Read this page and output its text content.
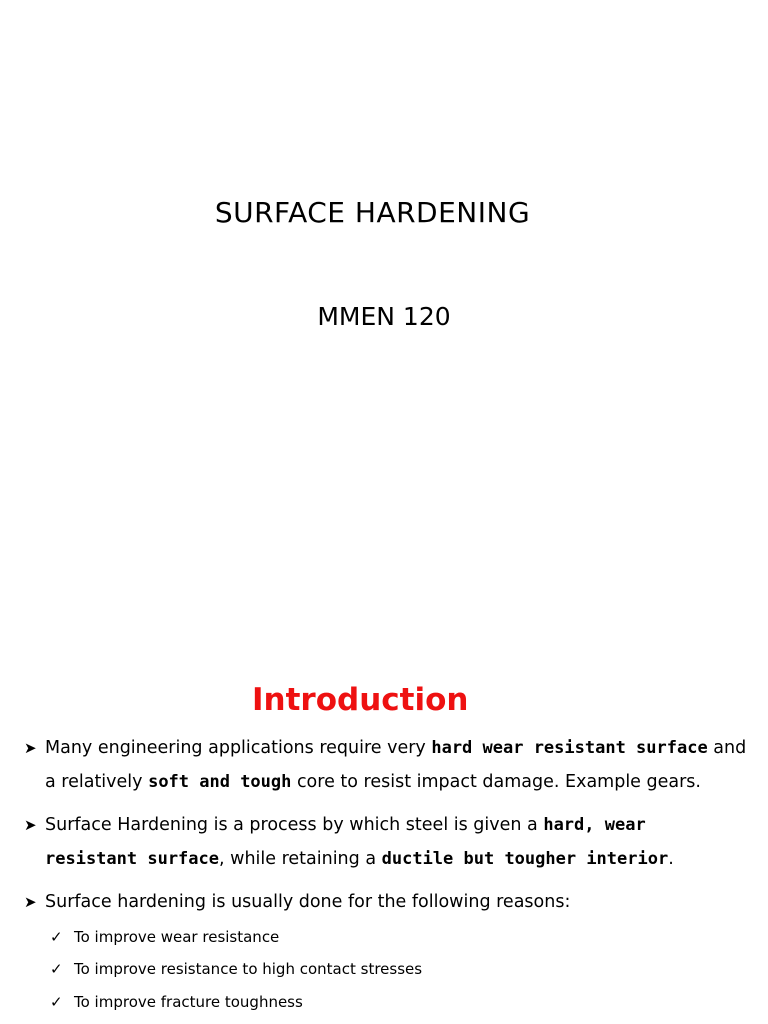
SURFACE HARDENING
MMEN 120
Introduction
➤ Many engineering applications require very hard wear resistant surface and
a relatively soft and tough core to resist impact damage. Example gears.
➤ Surface Hardening is a process by which steel is given a hard, wear
resistant surface, while retaining a ductile but tougher interior.
➤ Surface hardening is usually done for the following reasons:
✓ To improve wear resistance
✓ To improve resistance to high contact stresses
✓ To improve fracture toughness
